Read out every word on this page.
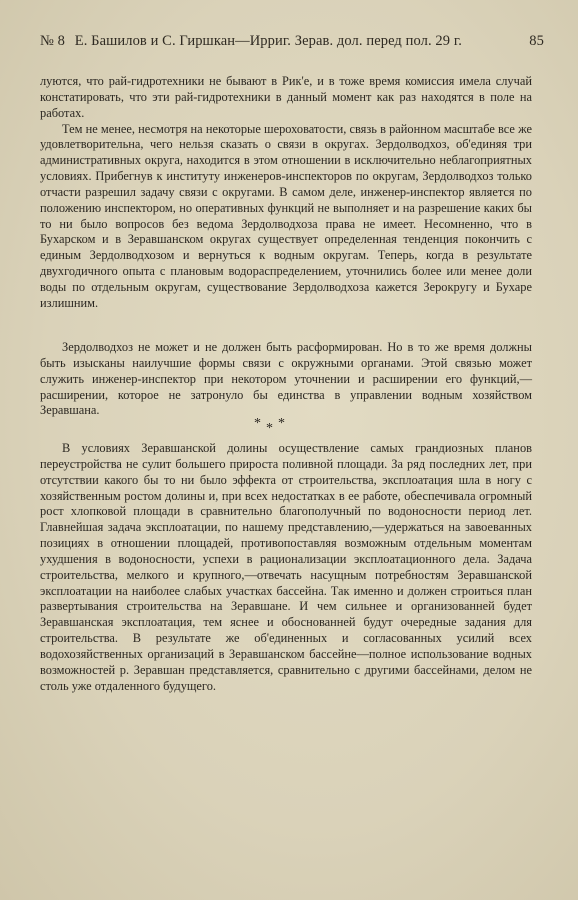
№ 8 Е. Башилов и С. Гиршкан—Ирриг. Зерав. дол. перед пол. 29 г.	85

луются, что рай-гидротехники не бывают в Рик'е, и в тоже время комиссия имела случай констатировать, что эти рай-гидротехники в данный момент как раз находятся в поле на работах.

Тем не менее, несмотря на некоторые шероховатости, связь в районном масштабе все же удовлетворительна, чего нельзя сказать о связи в округах. Зердолводхоз, об'единяя три административных округа, находится в этом отношении в исключительно неблагоприятных условиях. Прибегнув к институту инженеров-инспекторов по округам, Зердолводхоз только отчасти разрешил задачу связи с округами. В самом деле, инженер-инспектор является по положению инспектором, но оперативных функций не выполняет и на разрешение каких бы то ни было вопросов без ведома Зердолводхоза права не имеет. Несомненно, что в Бухарском и в Зеравшанском округах существует определенная тенденция покончить с единым Зердолводхозом и вернуться к водным округам. Теперь, когда в результате двухгодичного опыта с плановым водораспределением, уточнились более или менее доли воды по отдельным округам, существование Зердолводхоза кажется Зерокругу и Бухаре излишним.

Зердолводхоз не может и не должен быть расформирован. Но в то же время должны быть изысканы наилучшие формы связи с окружными органами. Этой связью может служить инженер-инспектор при некотором уточнении и расширении его функций,—расширении, которое не затронуло бы единства в управлении водным хозяйством Зеравшана.

* * *

В условиях Зеравшанской долины осуществление самых грандиозных планов переустройства не сулит большего прироста поливной площади. За ряд последних лет, при отсутствии какого бы то ни было эффекта от строительства, эксплоатация шла в ногу с хозяйственным ростом долины и, при всех недостатках в ее работе, обеспечивала огромный рост хлопковой площади в сравнительно благополучный по водоносности период лет. Главнейшая задача эксплоатации, по нашему представлению,—удержаться на завоеванных позициях в отношении площадей, противопоставляя возможным отдельным моментам ухудшения в водоносности, успехи в рационализации эксплоатационного дела. Задача строительства, мелкого и крупного,—отвечать насущным потребностям Зеравшанской эксплоатации на наиболее слабых участках бассейна. Так именно и должен строиться план развертывания строительства на Зеравшане. И чем сильнее и организованней будет Зеравшанская эксплоатация, тем яснее и обоснованней будут очередные задания для строительства. В результате же об'единенных и согласованных усилий всех водохозяйственных организаций в Зеравшанском бассейне—полное использование водных возможностей р. Зеравшан представляется, сравнительно с другими бассейнами, делом не столь уже отдаленного будущего.
